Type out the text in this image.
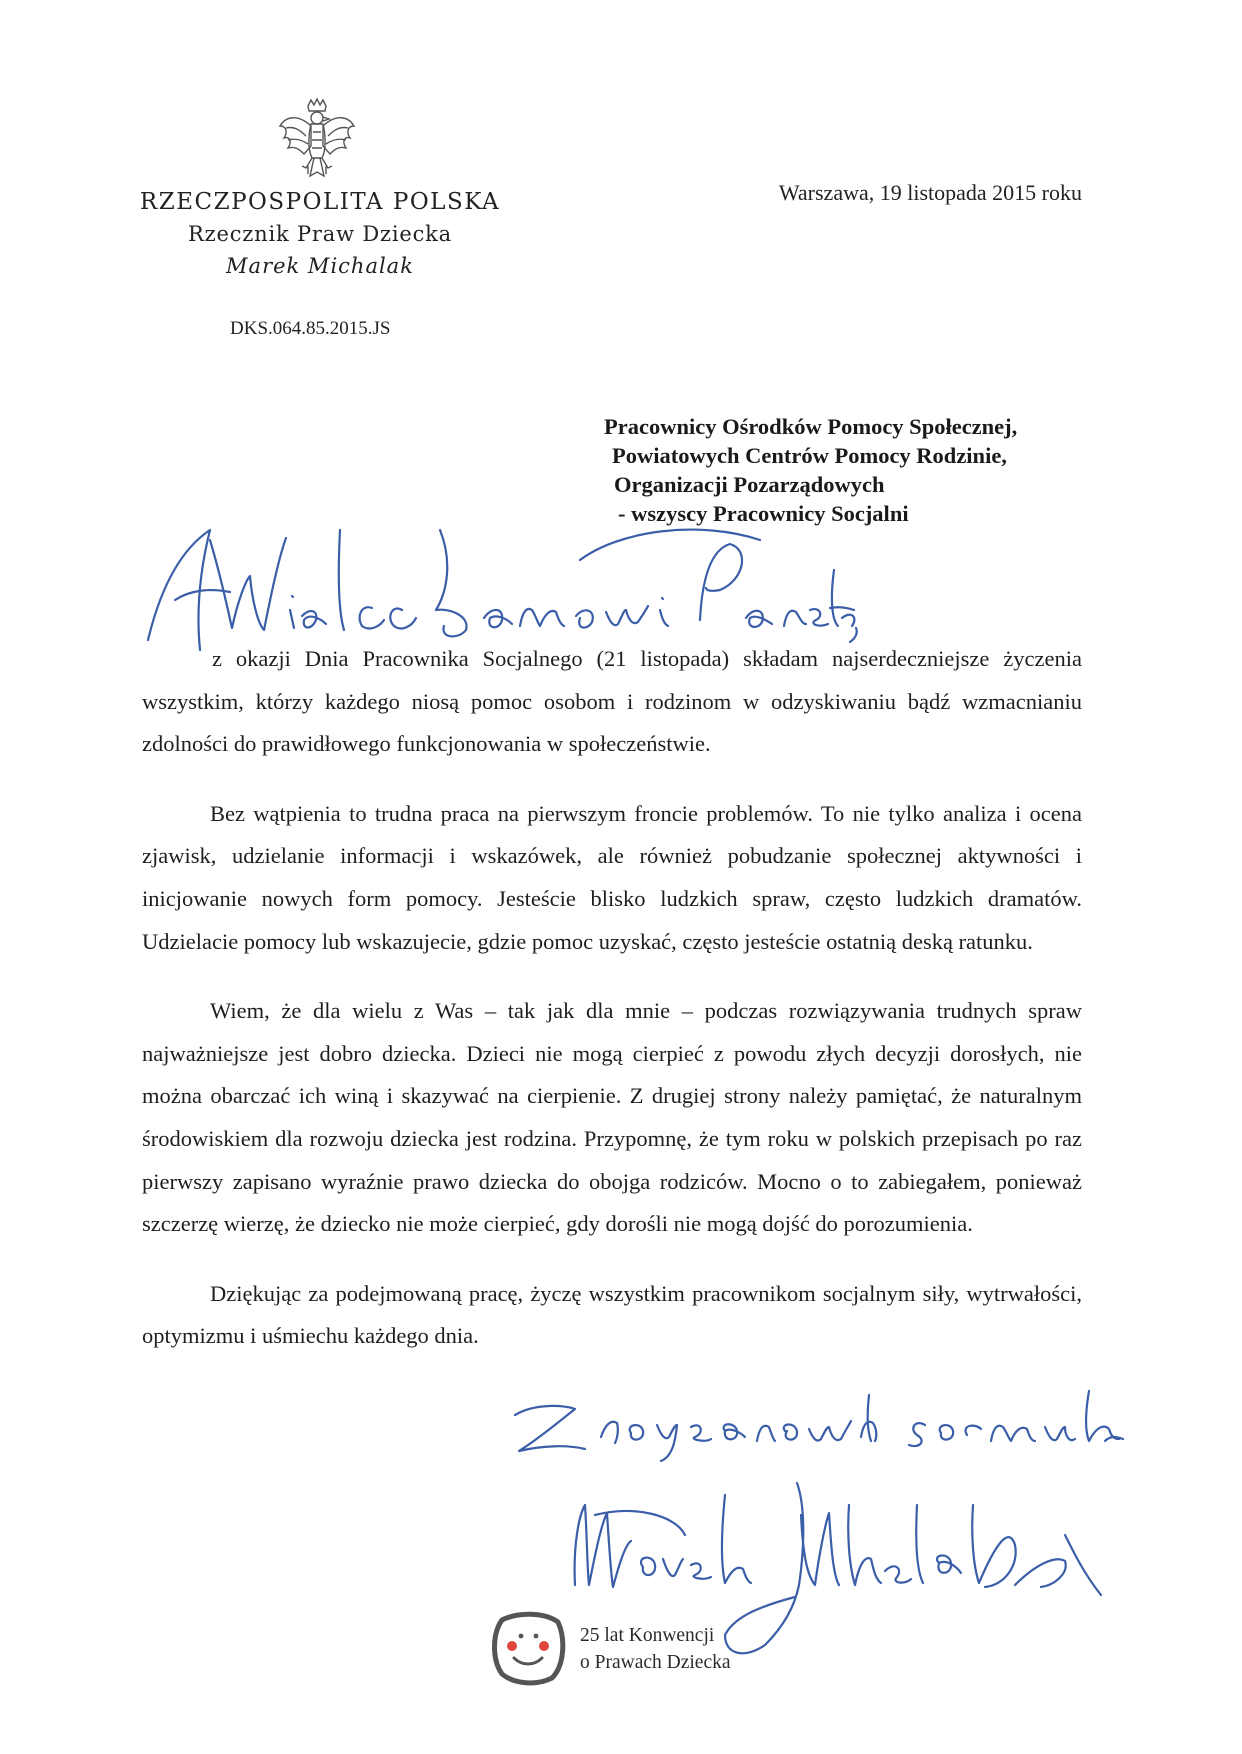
RZECZPOSPOLITA POLSKA
Rzecznik Praw Dziecka
Marek Michalak
DKS.064.85.2015.JS
Warszawa, 19 listopada 2015 roku
Pracownicy Ośrodków Pomocy Społecznej,
Powiatowych Centrów Pomocy Rodzinie,
Organizacji Pozarządowych
- wszyscy Pracownicy Socjalni

z okazji Dnia Pracownika Socjalnego (21 listopada) składam najserdeczniejsze życzenia wszystkim, którzy każdego niosą pomoc osobom i rodzinom w odzyskiwaniu bądź wzmacnianiu zdolności do prawidłowego funkcjonowania w społeczeństwie.

Bez wątpienia to trudna praca na pierwszym froncie problemów. To nie tylko analiza i ocena zjawisk, udzielanie informacji i wskazówek, ale również pobudzanie społecznej aktywności i inicjowanie nowych form pomocy. Jesteście blisko ludzkich spraw, często ludzkich dramatów. Udzielacie pomocy lub wskazujecie, gdzie pomoc uzyskać, często jesteście ostatnią deską ratunku.

Wiem, że dla wielu z Was – tak jak dla mnie – podczas rozwiązywania trudnych spraw najważniejsze jest dobro dziecka. Dzieci nie mogą cierpieć z powodu złych decyzji dorosłych, nie można obarczać ich winą i skazywać na cierpienie. Z drugiej strony należy pamiętać, że naturalnym środowiskiem dla rozwoju dziecka jest rodzina. Przypomnę, że tym roku w polskich przepisach po raz pierwszy zapisano wyraźnie prawo dziecka do obojga rodziców. Mocno o to zabiegałem, ponieważ szczerzę wierzę, że dziecko nie może cierpieć, gdy dorośli nie mogą dojść do porozumienia.

Dziękując za podejmowaną pracę, życzę wszystkim pracownikom socjalnym siły, wytrwałości, optymizmu i uśmiechu każdego dnia.

25 lat Konwencji
o Prawach Dziecka
